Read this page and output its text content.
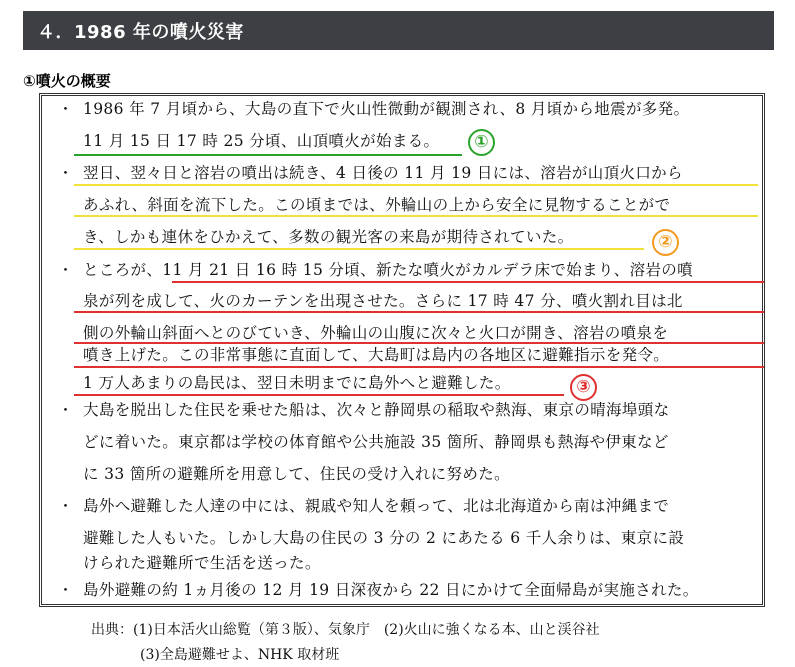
４．1986 年の噴火災害
①噴火の概要
・
・
・
・
・
・
1986 年 7 月頃から、大島の直下で火山性微動が観測され、8 月頃から地震が多発。
11 月 15 日 17 時 25 分頃、山頂噴火が始まる。
翌日、翌々日と溶岩の噴出は続き、4 日後の 11 月 19 日には、溶岩が山頂火口から
あふれ、斜面を流下した。この頃までは、外輪山の上から安全に見物することがで
き、しかも連休をひかえて、多数の観光客の来島が期待されていた。
ところが、11 月 21 日 16 時 15 分頃、新たな噴火がカルデラ床で始まり、溶岩の噴
泉が列を成して、火のカーテンを出現させた。さらに 17 時 47 分、噴火割れ目は北
側の外輪山斜面へとのびていき、外輪山の山腹に次々と火口が開き、溶岩の噴泉を
噴き上げた。この非常事態に直面して、大島町は島内の各地区に避難指示を発令。
1 万人あまりの島民は、翌日未明までに島外へと避難した。
大島を脱出した住民を乗せた船は、次々と静岡県の稲取や熱海、東京の晴海埠頭な
どに着いた。東京都は学校の体育館や公共施設 35 箇所、静岡県も熱海や伊東など
に 33 箇所の避難所を用意して、住民の受け入れに努めた。
島外へ避難した人達の中には、親戚や知人を頼って、北は北海道から南は沖縄まで
避難した人もいた。しかし大島の住民の 3 分の 2 にあたる 6 千人余りは、東京に設
けられた避難所で生活を送った。
島外避難の約 1ヵ月後の 12 月 19 日深夜から 22 日にかけて全面帰島が実施された。
①
②
③
出典：(1)日本活火山総覧（第３版）、気象庁　(2)火山に強くなる本、山と渓谷社
(3)全島避難せよ、NHK 取材班
